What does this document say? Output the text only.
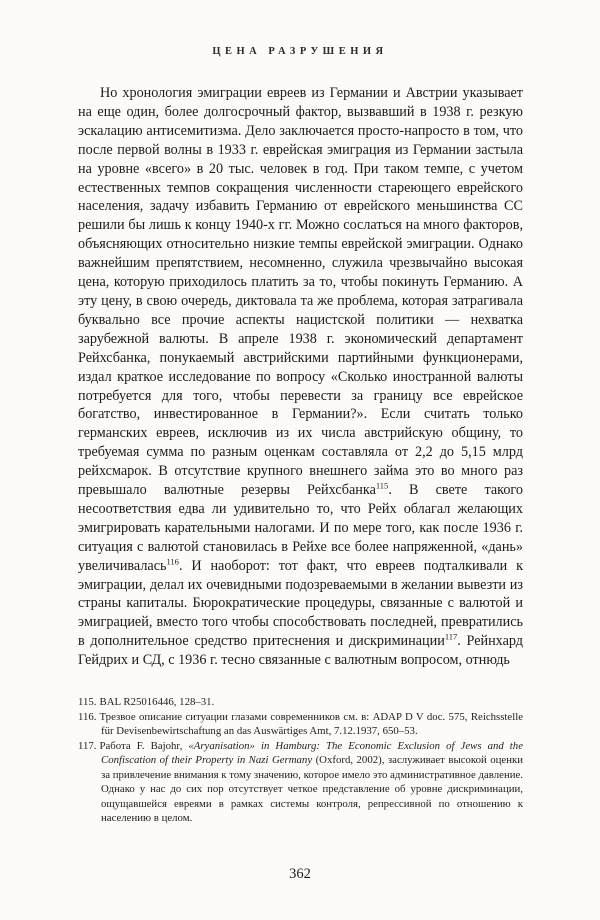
ЦЕНА РАЗРУШЕНИЯ
Но хронология эмиграции евреев из Германии и Австрии указывает на еще один, более долгосрочный фактор, вызвавший в 1938 г. резкую эскалацию антисемитизма. Дело заключается просто-напросто в том, что после первой волны в 1933 г. еврейская эмиграция из Германии застыла на уровне «всего» в 20 тыс. человек в год. При таком темпе, с учетом естественных темпов сокращения численности стареющего еврейского населения, задачу избавить Германию от еврейского меньшинства СС решили бы лишь к концу 1940-х гг. Можно сослаться на много факторов, объясняющих относительно низкие темпы еврейской эмиграции. Однако важнейшим препятствием, несомненно, служила чрезвычайно высокая цена, которую приходилось платить за то, чтобы покинуть Германию. А эту цену, в свою очередь, диктовала та же проблема, которая затрагивала буквально все прочие аспекты нацистской политики — нехватка зарубежной валюты. В апреле 1938 г. экономический департамент Рейхсбанка, понукаемый австрийскими партийными функционерами, издал краткое исследование по вопросу «Сколько иностранной валюты потребуется для того, чтобы перевести за границу все еврейское богатство, инвестированное в Германии?». Если считать только германских евреев, исключив из их числа австрийскую общину, то требуемая сумма по разным оценкам составляла от 2,2 до 5,15 млрд рейхсмарок. В отсутствие крупного внешнего займа это во много раз превышало валютные резервы Рейхсбанка$^{115}$. В свете такого несоответствия едва ли удивительно то, что Рейх облагал желающих эмигрировать карательными налогами. И по мере того, как после 1936 г. ситуация с валютой становилась в Рейхе все более напряженной, «дань» увеличивалась$^{116}$. И наоборот: тот факт, что евреев подталкивали к эмиграции, делал их очевидными подозреваемыми в желании вывезти из страны капиталы. Бюрократические процедуры, связанные с валютой и эмиграцией, вместо того чтобы способствовать последней, превратились в дополнительное средство притеснения и дискриминации$^{117}$. Рейнхард Гейдрих и СД, с 1936 г. тесно связанные с валютным вопросом, отнюдь
115. BAL R25016446, 128–31.
116. Трезвое описание ситуации глазами современников см. в: ADAP D V doc. 575, Reichsstelle für Devisenbewirtschaftung an das Auswärtiges Amt, 7.12.1937, 650–53.
117. Работа F. Bajohr, «Aryanisation» in Hamburg: The Economic Exclusion of Jews and the Confiscation of their Property in Nazi Germany (Oxford, 2002), заслуживает высокой оценки за привлечение внимания к тому значению, которое имело это административное давление. Однако у нас до сих пор отсутствует четкое представление об уровне дискриминации, ощущавшейся евреями в рамках системы контроля, репрессивной по отношению к населению в целом.
362
